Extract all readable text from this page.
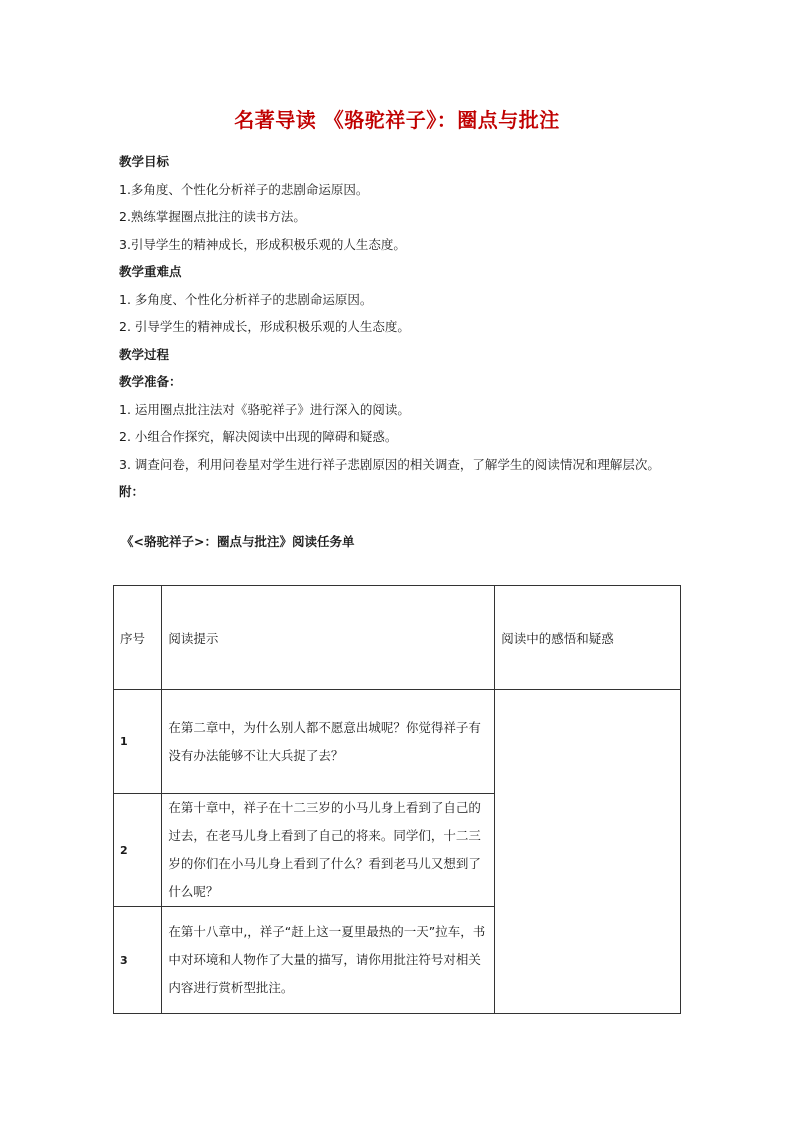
名著导读 《骆驼祥子》：圈点与批注
教学目标
1.多角度、个性化分析祥子的悲剧命运原因。
2.熟练掌握圈点批注的读书方法。
3.引导学生的精神成长，形成积极乐观的人生态度。
教学重难点
1. 多角度、个性化分析祥子的悲剧命运原因。
2. 引导学生的精神成长，形成积极乐观的人生态度。
教学过程
教学准备：
1. 运用圈点批注法对《骆驼祥子》进行深入的阅读。
2. 小组合作探究，解决阅读中出现的障碍和疑惑。
3. 调查问卷，利用问卷星对学生进行祥子悲剧原因的相关调查，了解学生的阅读情况和理解层次。
附：
《<骆驼祥子>：圈点与批注》阅读任务单
序号	阅读提示	阅读中的感悟和疑惑
1	在第二章中，为什么别人都不愿意出城呢？你觉得祥子有没有办法能够不让大兵捉了去？	
2	在第十章中，祥子在十二三岁的小马儿身上看到了自己的过去，在老马儿身上看到了自己的将来。同学们，十二三岁的你们在小马儿身上看到了什么？看到老马儿又想到了什么呢？	
3	在第十八章中,，祥子“赶上这一夏里最热的一天”拉车，书中对环境和人物作了大量的描写，请你用批注符号对相关内容进行赏析型批注。	
